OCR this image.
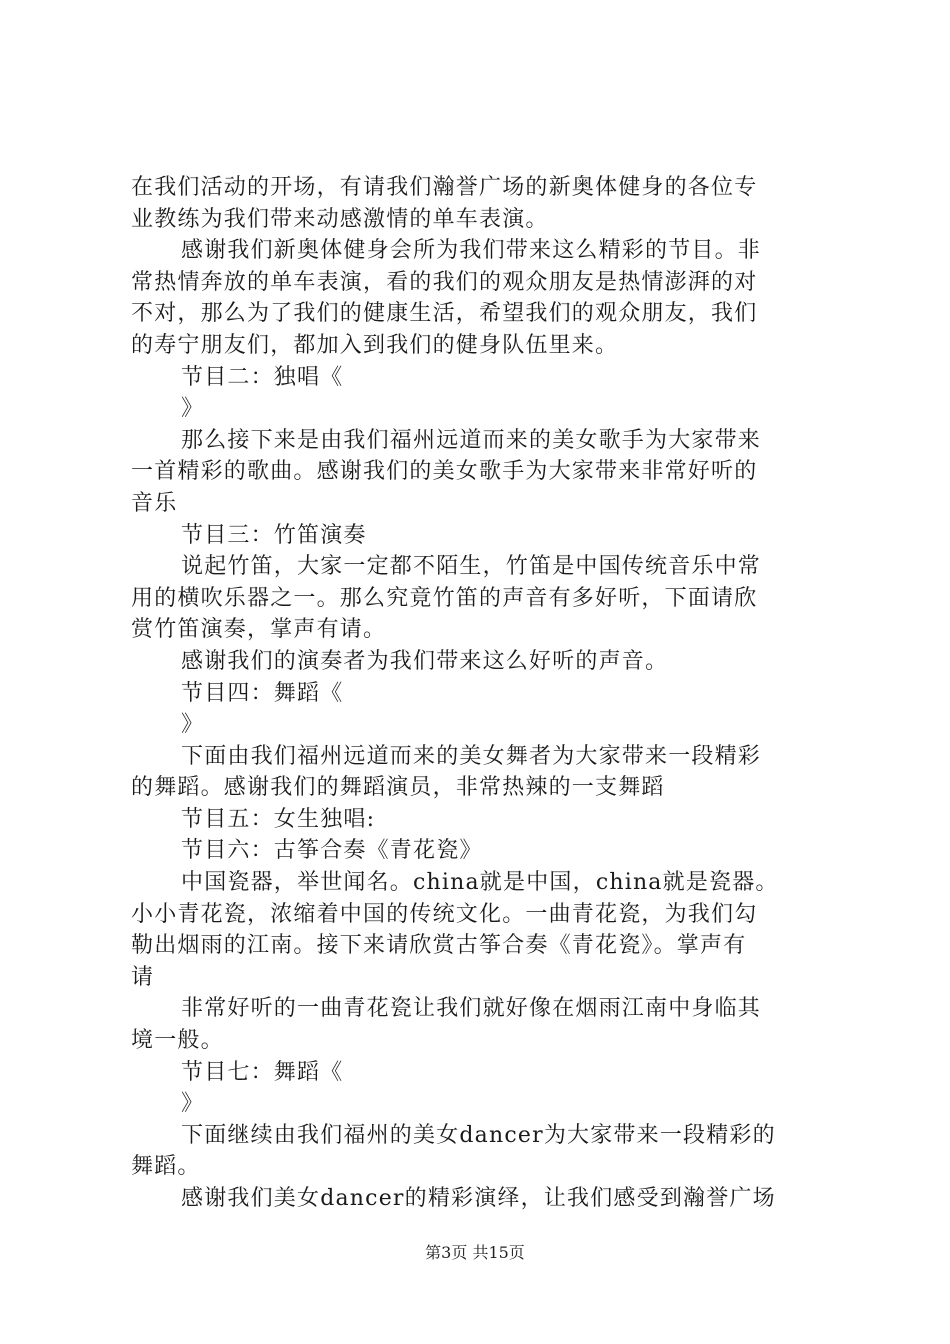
在我们活动的开场，有请我们瀚誉广场的新奥体健身的各位专
业教练为我们带来动感激情的单车表演。
感谢我们新奥体健身会所为我们带来这么精彩的节目。非
常热情奔放的单车表演，看的我们的观众朋友是热情澎湃的对
不对，那么为了我们的健康生活，希望我们的观众朋友，我们
的寿宁朋友们，都加入到我们的健身队伍里来。
节目二：独唱《
》
那么接下来是由我们福州远道而来的美女歌手为大家带来
一首精彩的歌曲。感谢我们的美女歌手为大家带来非常好听的
音乐
节目三：竹笛演奏
说起竹笛，大家一定都不陌生，竹笛是中国传统音乐中常
用的横吹乐器之一。那么究竟竹笛的声音有多好听，下面请欣
赏竹笛演奏，掌声有请。
感谢我们的演奏者为我们带来这么好听的声音。
节目四：舞蹈《
》
下面由我们福州远道而来的美女舞者为大家带来一段精彩
的舞蹈。感谢我们的舞蹈演员，非常热辣的一支舞蹈
节目五：女生独唱:
节目六：古筝合奏《青花瓷》
中国瓷器，举世闻名。china就是中国，china就是瓷器。
小小青花瓷，浓缩着中国的传统文化。一曲青花瓷，为我们勾
勒出烟雨的江南。接下来请欣赏古筝合奏《青花瓷》。掌声有
请
非常好听的一曲青花瓷让我们就好像在烟雨江南中身临其
境一般。
节目七：舞蹈《
》
下面继续由我们福州的美女dancer为大家带来一段精彩的
舞蹈。
感谢我们美女dancer的精彩演绎，让我们感受到瀚誉广场
第3页 共15页
